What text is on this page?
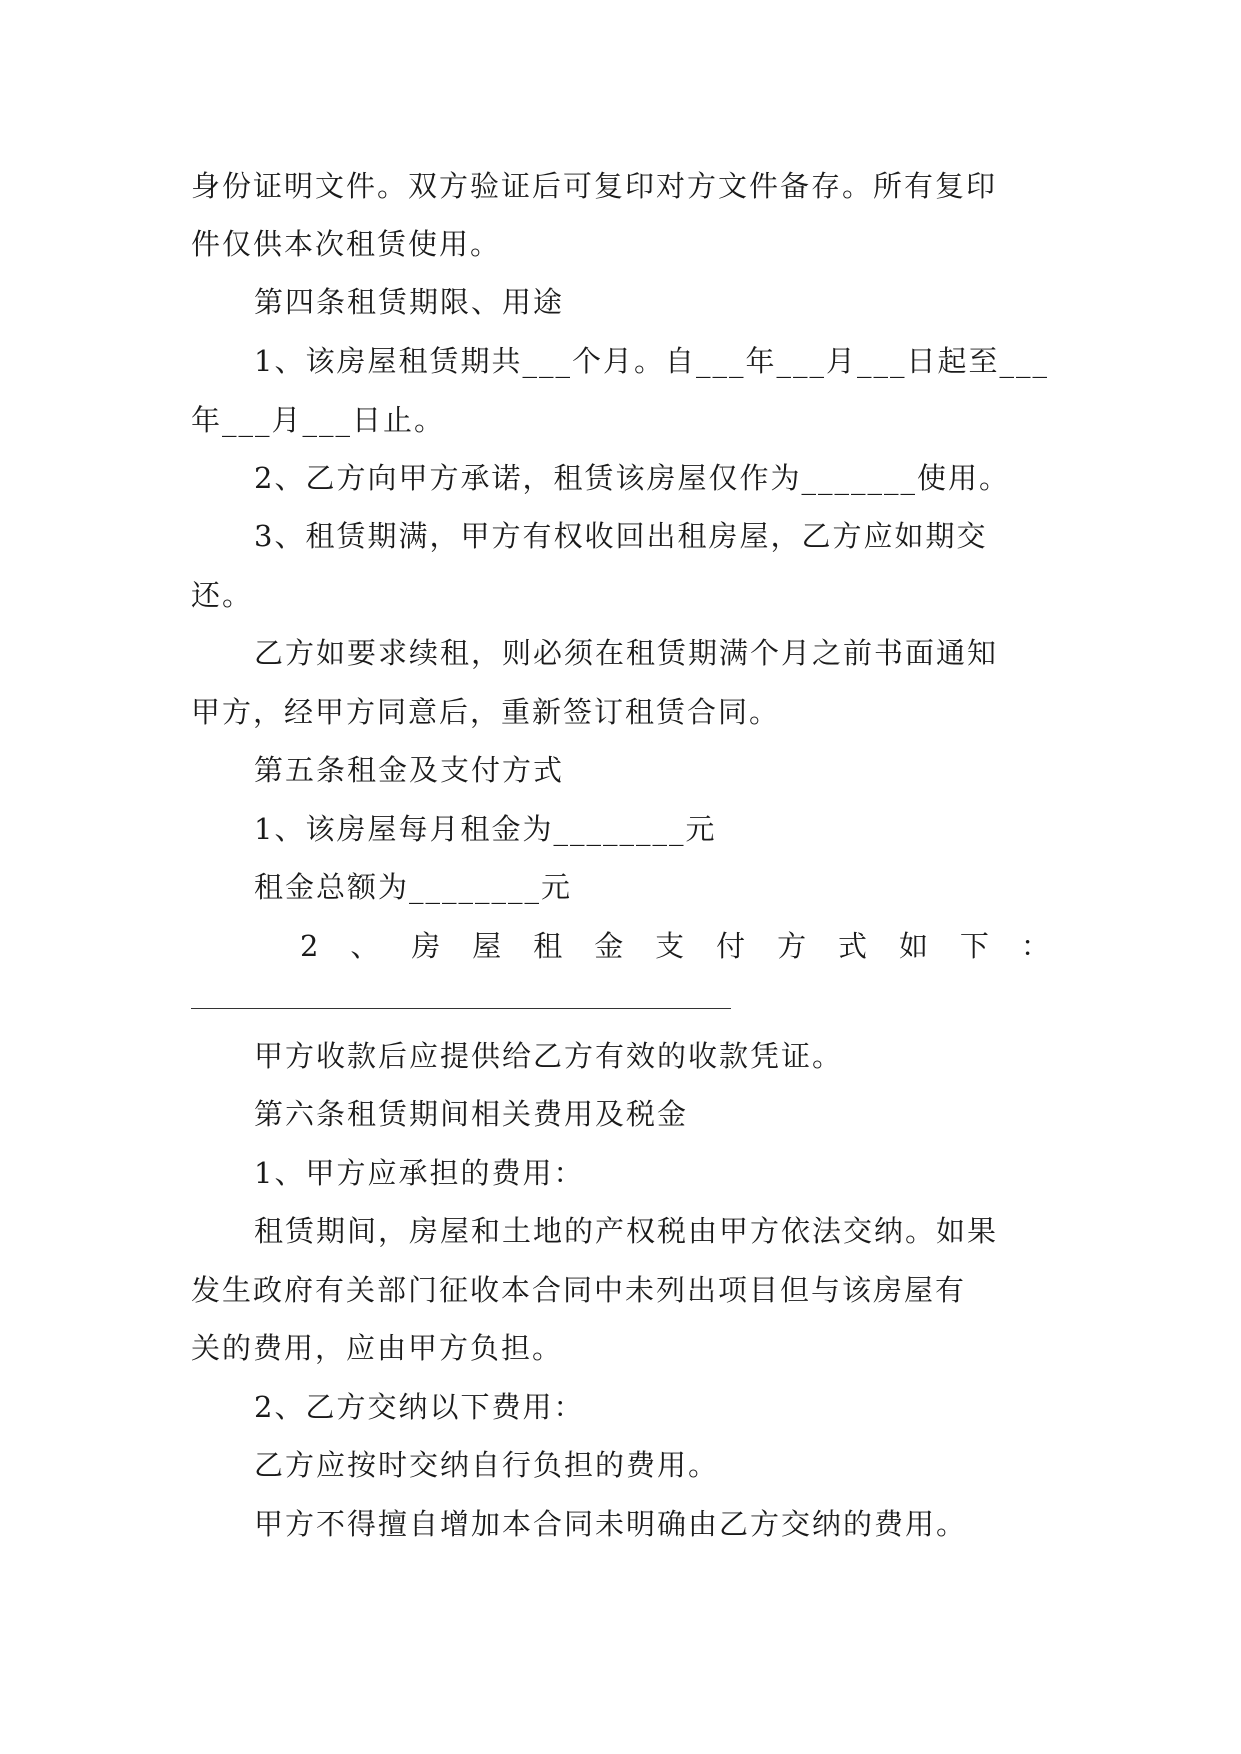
身份证明文件。双方验证后可复印对方文件备存。所有复印
件仅供本次租赁使用。
第四条租赁期限、用途
1、该房屋租赁期共___个月。自___年___月___日起至___
年___月___日止。
2、乙方向甲方承诺，租赁该房屋仅作为_______使用。
3、租赁期满，甲方有权收回出租房屋，乙方应如期交
还。
乙方如要求续租，则必须在租赁期满个月之前书面通知
甲方，经甲方同意后，重新签订租赁合同。
第五条租金及支付方式
1、该房屋每月租金为________元
租金总额为________元
2 、 房 屋 租 金 支 付 方 式 如 下 ：
甲方收款后应提供给乙方有效的收款凭证。
第六条租赁期间相关费用及税金
1、甲方应承担的费用：
租赁期间，房屋和土地的产权税由甲方依法交纳。如果
发生政府有关部门征收本合同中未列出项目但与该房屋有
关的费用，应由甲方负担。
2、乙方交纳以下费用：
乙方应按时交纳自行负担的费用。
甲方不得擅自增加本合同未明确由乙方交纳的费用。
